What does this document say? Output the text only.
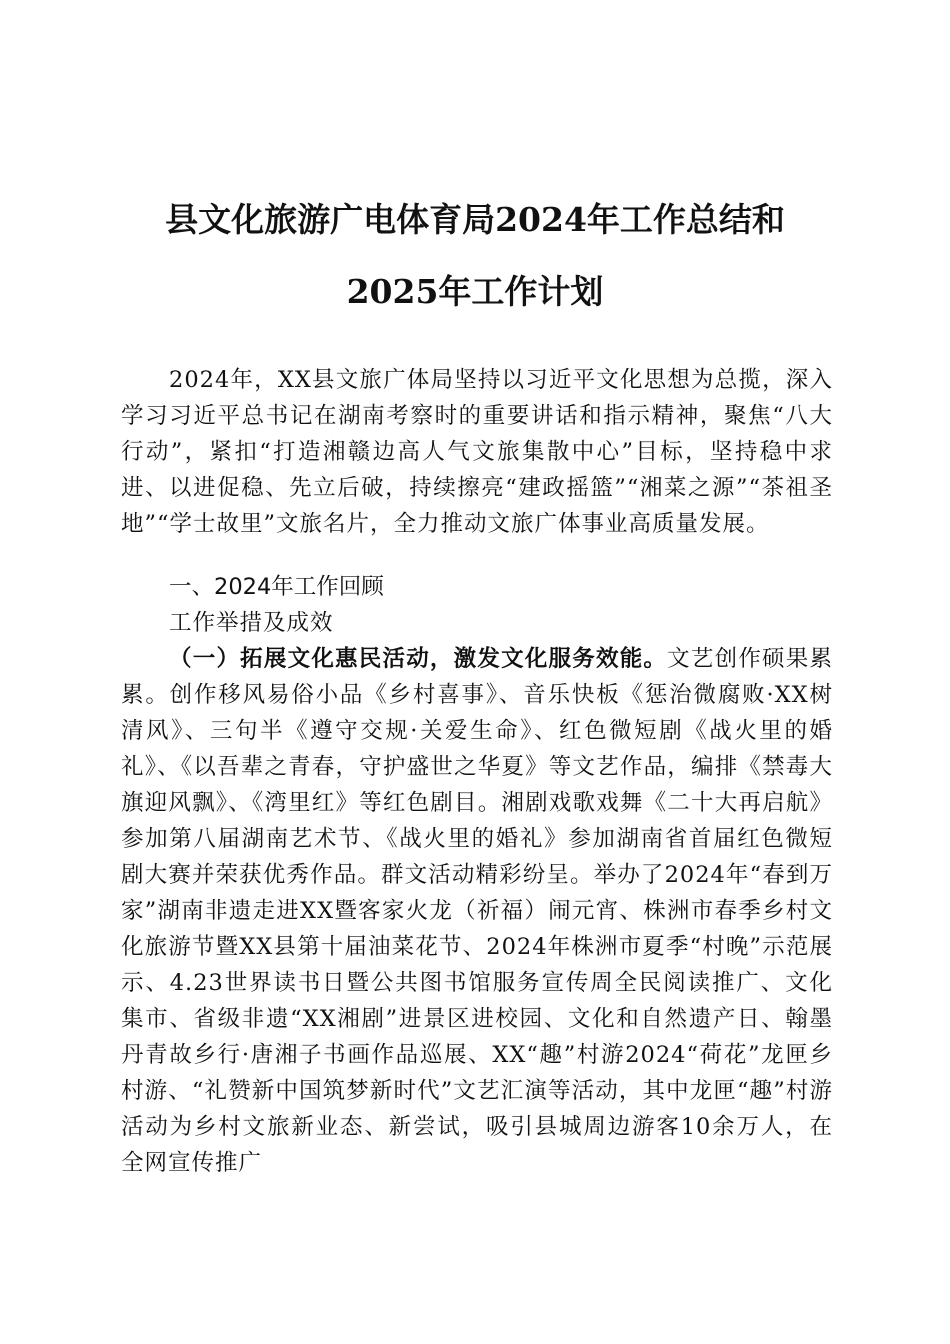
县文化旅游广电体育局2024年工作总结和
2025年工作计划
2024年，XX县文旅广体局坚持以习近平文化思想为总揽，深入学习习近平总书记在湖南考察时的重要讲话和指示精神，聚焦“八大行动”，紧扣“打造湘赣边高人气文旅集散中心”目标，坚持稳中求进、以进促稳、先立后破，持续擦亮“建政摇篮”“湘菜之源”“茶祖圣地”“学士故里”文旅名片，全力推动文旅广体事业高质量发展。
一、2024年工作回顾
工作举措及成效
（一）拓展文化惠民活动，激发文化服务效能。文艺创作硕果累累。创作移风易俗小品《乡村喜事》、音乐快板《惩治微腐败·XX树清风》、三句半《遵守交规·关爱生命》、红色微短剧《战火里的婚礼》、《以吾辈之青春，守护盛世之华夏》等文艺作品，编排《禁毒大旗迎风飘》、《湾里红》等红色剧目。湘剧戏歌戏舞《二十大再启航》参加第八届湖南艺术节、《战火里的婚礼》参加湖南省首届红色微短剧大赛并荣获优秀作品。群文活动精彩纷呈。举办了2024年“春到万家”湖南非遗走进XX暨客家火龙（祈福）闹元宵、株洲市春季乡村文化旅游节暨XX县第十届油菜花节、2024年株洲市夏季“村晚”示范展示、4.23世界读书日暨公共图书馆服务宣传周全民阅读推广、文化集市、省级非遗“XX湘剧”进景区进校园、文化和自然遗产日、翰墨丹青故乡行·唐湘子书画作品巡展、XX“趣”村游2024“荷花”龙匣乡村游、“礼赞新中国筑梦新时代”文艺汇演等活动，其中龙匣“趣”村游活动为乡村文旅新业态、新尝试，吸引县城周边游客10余万人，在全网宣传推广
